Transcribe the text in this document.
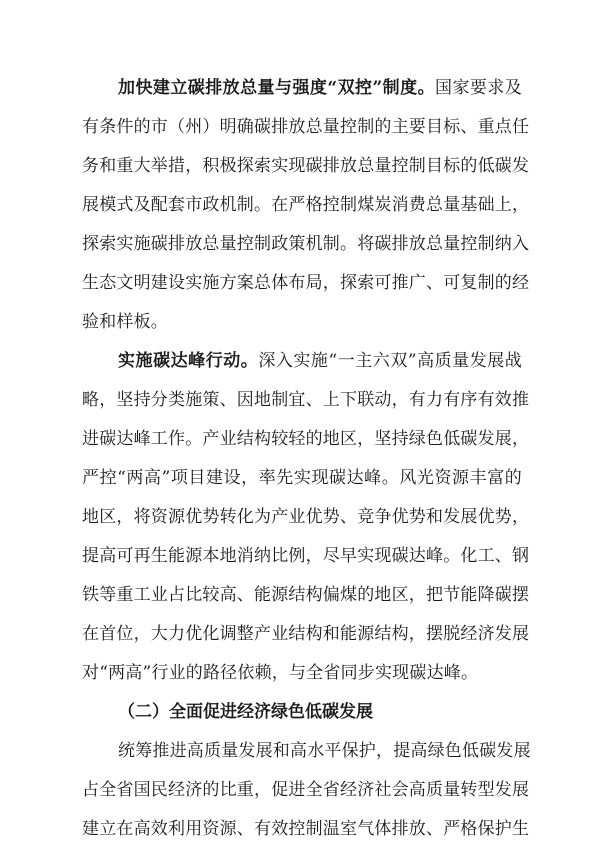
加快建立碳排放总量与强度“双控”制度。国家要求及
有条件的市（州）明确碳排放总量控制的主要目标、重点任
务和重大举措，积极探索实现碳排放总量控制目标的低碳发
展模式及配套市政机制。在严格控制煤炭消费总量基础上，
探索实施碳排放总量控制政策机制。将碳排放总量控制纳入
生态文明建设实施方案总体布局，探索可推广、可复制的经
验和样板。
实施碳达峰行动。深入实施“一主六双”高质量发展战
略，坚持分类施策、因地制宜、上下联动，有力有序有效推
进碳达峰工作。产业结构较轻的地区，坚持绿色低碳发展，
严控“两高”项目建设，率先实现碳达峰。风光资源丰富的
地区，将资源优势转化为产业优势、竞争优势和发展优势，
提高可再生能源本地消纳比例，尽早实现碳达峰。化工、钢
铁等重工业占比较高、能源结构偏煤的地区，把节能降碳摆
在首位，大力优化调整产业结构和能源结构，摆脱经济发展
对“两高”行业的路径依赖，与全省同步实现碳达峰。
（二）全面促进经济绿色低碳发展
统筹推进高质量发展和高水平保护，提高绿色低碳发展
占全省国民经济的比重，促进全省经济社会高质量转型发展
建立在高效利用资源、有效控制温室气体排放、严格保护生
